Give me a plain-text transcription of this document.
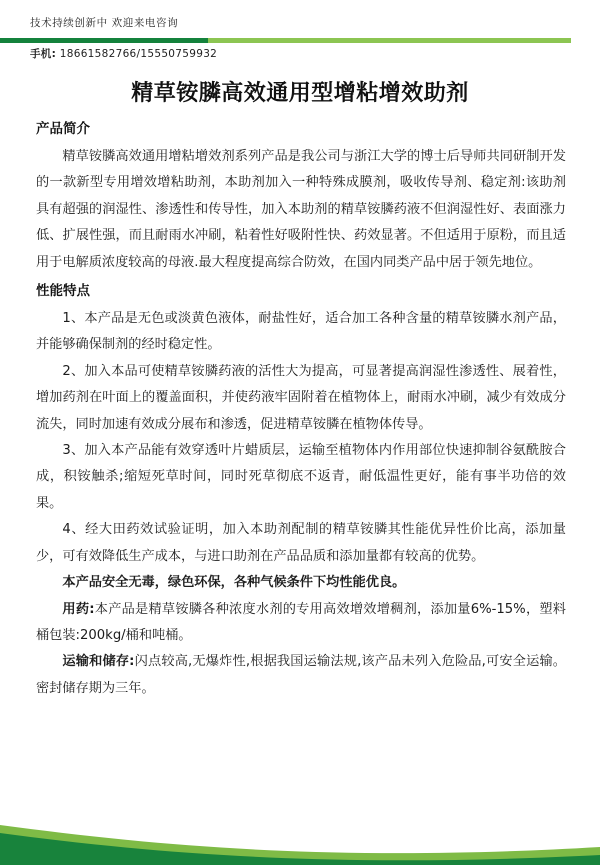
技术持续创新中 欢迎来电咨询
手机: 18661582766/15550759932
精草铵膦高效通用型增粘增效助剂
产品简介

精草铵膦高效通用增粘增效剂系列产品是我公司与浙江大学的博士后导师共同研制开发的一款新型专用增效增粘助剂，本助剂加入一种特殊成膜剂，吸收传导剂、稳定剂:该助剂具有超强的润湿性、渗透性和传导性，加入本助剂的精草铵膦药液不但润湿性好、表面涨力低、扩展性强，而且耐雨水冲刷，粘着性好吸附性快、药效显著。不但适用于原粉，而且适用于电解质浓度较高的母液.最大程度提高综合防效，在国内同类产品中居于领先地位。

性能特点

1、本产品是无色或淡黄色液体，耐盐性好，适合加工各种含量的精草铵膦水剂产品，并能够确保制剂的经时稳定性。

2、加入本品可使精草铵膦药液的活性大为提高，可显著提高润湿性渗透性、展着性，增加药剂在叶面上的覆盖面积，并使药液牢固附着在植物体上，耐雨水冲刷，减少有效成分流失，同时加速有效成分展布和渗透，促进精草铵膦在植物体传导。

3、加入本产品能有效穿透叶片蜡质层，运输至植物体内作用部位快速抑制谷氨酰胺合成，积铵触杀;缩短死草时间，同时死草彻底不返青，耐低温性更好，能有事半功倍的效果。

4、经大田药效试验证明，加入本助剂配制的精草铵膦其性能优异性价比高，添加量少，可有效降低生产成本，与进口助剂在产品品质和添加量都有较高的优势。

本产品安全无毒，绿色环保，各种气候条件下均性能优良。

用药:本产品是精草铵膦各种浓度水剂的专用高效增效增稠剂，添加量6%-15%，塑料桶包装:200kg/桶和吨桶。

运输和储存:闪点较高,无爆炸性,根据我国运输法规,该产品未列入危险品,可安全运输。密封储存期为三年。
